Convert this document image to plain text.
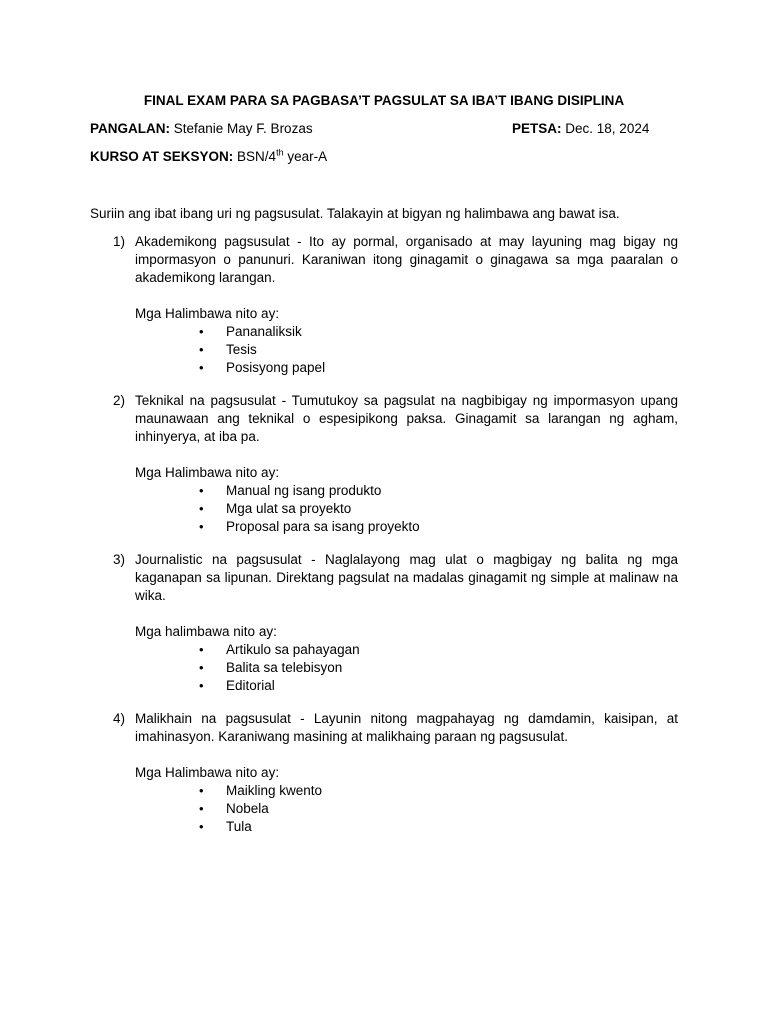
FINAL EXAM PARA SA PAGBASA’T PAGSULAT SA IBA’T IBANG DISIPLINA
PANGALAN: Stefanie May F. Brozas	PETSA: Dec. 18, 2024
KURSO AT SEKSYON: BSN/4th year-A
Suriin ang ibat ibang uri ng pagsusulat. Talakayin at bigyan ng halimbawa ang bawat isa.
1) Akademikong pagsusulat - Ito ay pormal, organisado at may layuning mag bigay ng impormasyon o panunuri. Karaniwan itong ginagamit o ginagawa sa mga paaralan o akademikong larangan.
Mga Halimbawa nito ay:
• Pananaliksik
• Tesis
• Posisyong papel
2) Teknikal na pagsusulat - Tumutukoy sa pagsulat na nagbibigay ng impormasyon upang maunawaan ang teknikal o espesipikong paksa. Ginagamit sa larangan ng agham, inhinyerya, at iba pa.
Mga Halimbawa nito ay:
• Manual ng isang produkto
• Mga ulat sa proyekto
• Proposal para sa isang proyekto
3) Journalistic na pagsusulat - Naglalayong mag ulat o magbigay ng balita ng mga kaganapan sa lipunan. Direktang pagsulat na madalas ginagamit ng simple at malinaw na wika.
Mga halimbawa nito ay:
• Artikulo sa pahayagan
• Balita sa telebisyon
• Editorial
4) Malikhain na pagsusulat - Layunin nitong magpahayag ng damdamin, kaisipan, at imahinasyon. Karaniwang masining at malikhaing paraan ng pagsusulat.
Mga Halimbawa nito ay:
• Maikling kwento
• Nobela
• Tula
